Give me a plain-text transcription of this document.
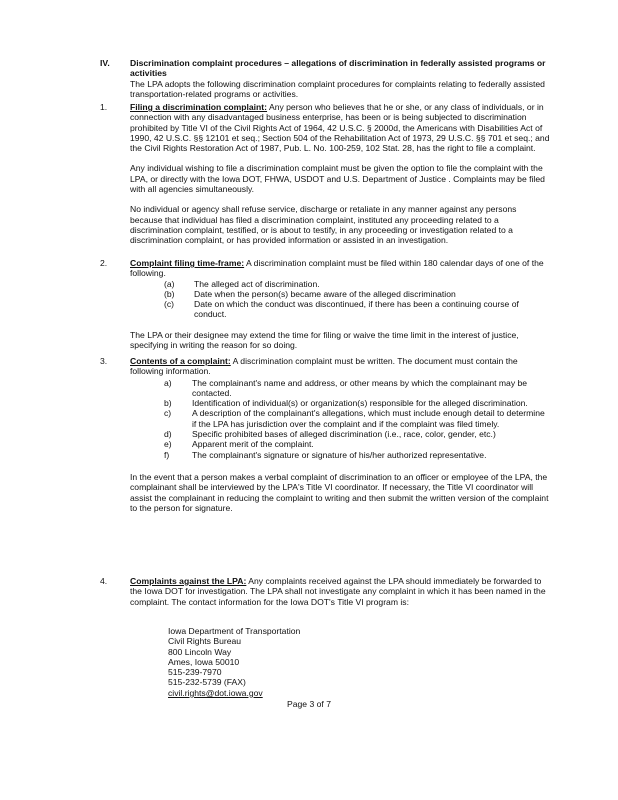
IV.	Discrimination complaint procedures – allegations of discrimination in federally assisted programs or activities

The LPA adopts the following discrimination complaint procedures for complaints relating to federally assisted transportation-related programs or activities.

1.	Filing a discrimination complaint: Any person who believes that he or she, or any class of individuals, or in connection with any disadvantaged business enterprise, has been or is being subjected to discrimination prohibited by Title VI of the Civil Rights Act of 1964, 42 U.S.C. § 2000d, the Americans with Disabilities Act of 1990, 42 U.S.C. §§ 12101 et seq.; Section 504 of the Rehabilitation Act of 1973, 29 U.S.C. §§ 701 et seq.; and the Civil Rights Restoration Act of 1987, Pub. L. No. 100-259, 102 Stat. 28, has the right to file a complaint.

Any individual wishing to file a discrimination complaint must be given the option to file the complaint with the LPA, or directly with the Iowa DOT, FHWA, USDOT and U.S. Department of Justice . Complaints may be filed with all agencies simultaneously.

No individual or agency shall refuse service, discharge or retaliate in any manner against any persons because that individual has filed a discrimination complaint, instituted any proceeding related to a discrimination complaint, testified, or is about to testify, in any proceeding or investigation related to a discrimination complaint, or has provided information or assisted in an investigation.

2.	Complaint filing time-frame: A discrimination complaint must be filed within 180 calendar days of one of the following.

(a) The alleged act of discrimination.
(b) Date when the person(s) became aware of the alleged discrimination
(c) Date on which the conduct was discontinued, if there has been a continuing course of conduct.

The LPA or their designee may extend the time for filing or waive the time limit in the interest of justice, specifying in writing the reason for so doing.

3.	Contents of a complaint: A discrimination complaint must be written. The document must contain the following information.

a) The complainant's name and address, or other means by which the complainant may be contacted.
b) Identification of individual(s) or organization(s) responsible for the alleged discrimination.
c) A description of the complainant's allegations, which must include enough detail to determine if the LPA has jurisdiction over the complaint and if the complaint was filed timely.
d) Specific prohibited bases of alleged discrimination (i.e., race, color, gender, etc.)
e) Apparent merit of the complaint.
f)	The complainant's signature or signature of his/her authorized representative.

In the event that a person makes a verbal complaint of discrimination to an officer or employee of the LPA, the complainant shall be interviewed by the LPA's Title VI coordinator. If necessary, the Title VI coordinator will assist the complainant in reducing the complaint to writing and then submit the written version of the complaint to the person for signature.

4.	Complaints against the LPA: Any complaints received against the LPA should immediately be forwarded to the Iowa DOT for investigation. The LPA shall not investigate any complaint in which it has been named in the complaint. The contact information for the Iowa DOT's Title VI program is:

Iowa Department of Transportation
Civil Rights Bureau
800 Lincoln Way
Ames, Iowa 50010
515-239-7970
515-232-5739 (FAX)
civil.rights@dot.iowa.gov
Page 3 of 7
